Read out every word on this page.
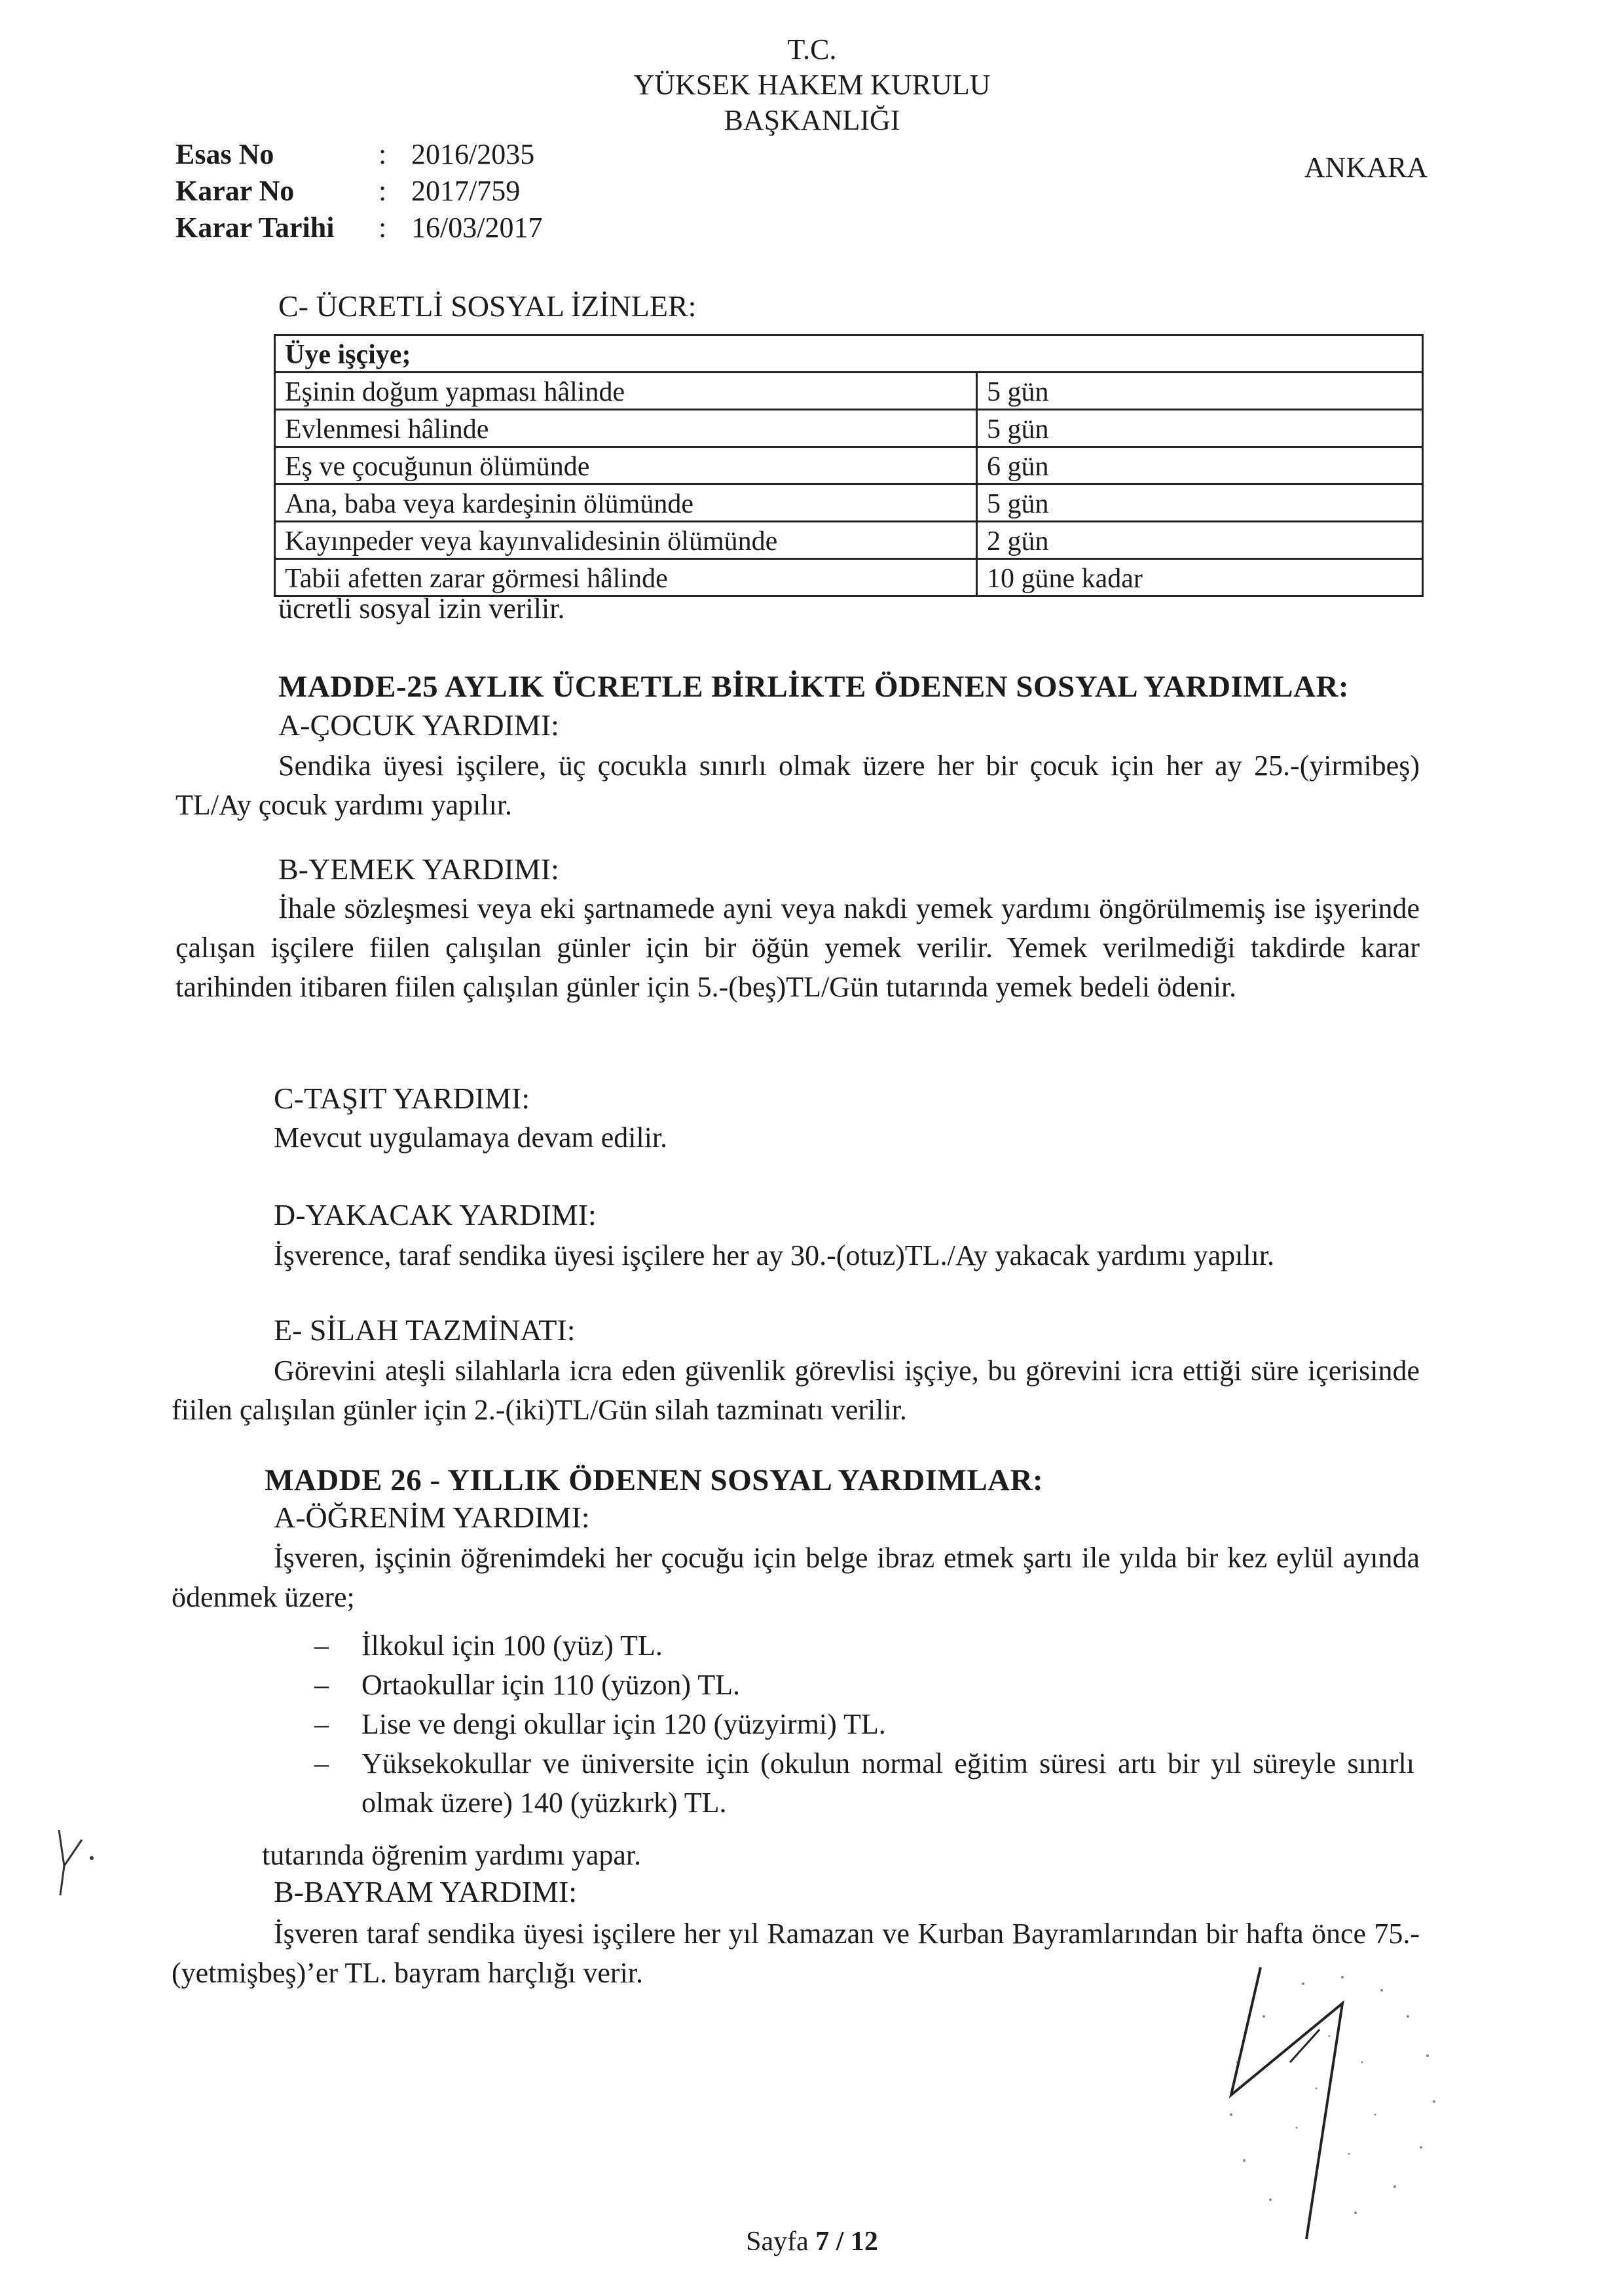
T.C.
YÜKSEK HAKEM KURULU
BAŞKANLIĞI
ANKARA
Esas No	: 2016/2035
Karar No	: 2017/759
Karar Tarihi : 16/03/2017
C- ÜCRETLİ SOSYAL İZİNLER:
Üye işçiye;	
Eşinin doğum yapması hâlinde	5 gün
Evlenmesi hâlinde	5 gün
Eş ve çocuğunun ölümünde	6 gün
Ana, baba veya kardeşinin ölümünde	5 gün
Kayınpeder veya kayınvalidesinin ölümünde	2 gün
Tabii afetten zarar görmesi hâlinde	10 güne kadar
ücretli sosyal izin verilir.
MADDE-25 AYLIK ÜCRETLE BİRLİKTE ÖDENEN SOSYAL YARDIMLAR:
A-ÇOCUK YARDIMI:
Sendika üyesi işçilere, üç çocukla sınırlı olmak üzere her bir çocuk için her ay 25.-(yirmibeş) TL/Ay çocuk yardımı yapılır.
B-YEMEK YARDIMI:
İhale sözleşmesi veya eki şartnamede ayni veya nakdi yemek yardımı öngörülmemiş ise işyerinde çalışan işçilere fiilen çalışılan günler için bir öğün yemek verilir. Yemek verilmediği takdirde karar tarihinden itibaren fiilen çalışılan günler için 5.-(beş)TL/Gün tutarında yemek bedeli ödenir.
C-TAŞIT YARDIMI:
Mevcut uygulamaya devam edilir.
D-YAKACAK YARDIMI:
İşverence, taraf sendika üyesi işçilere her ay 30.-(otuz)TL./Ay yakacak yardımı yapılır.
E- SİLAH TAZMİNATI:
Görevini ateşli silahlarla icra eden güvenlik görevlisi işçiye, bu görevini icra ettiği süre içerisinde fiilen çalışılan günler için 2.-(iki)TL/Gün silah tazminatı verilir.
MADDE 26 - YILLIK ÖDENEN SOSYAL YARDIMLAR:
A-ÖĞRENİM YARDIMI:
İşveren, işçinin öğrenimdeki her çocuğu için belge ibraz etmek şartı ile yılda bir kez eylül ayında ödenmek üzere;
– İlkokul için 100 (yüz) TL.
– Ortaokullar için 110 (yüzon) TL.
– Lise ve dengi okullar için 120 (yüzyirmi) TL.
– Yüksekokullar ve üniversite için (okulun normal eğitim süresi artı bir yıl süreyle sınırlı olmak üzere) 140 (yüzkırk) TL.
tutarında öğrenim yardımı yapar.
B-BAYRAM YARDIMI:
İşveren taraf sendika üyesi işçilere her yıl Ramazan ve Kurban Bayramlarından bir hafta önce 75.-(yetmişbeş)’er TL. bayram harçlığı verir.
Sayfa 7 / 12
